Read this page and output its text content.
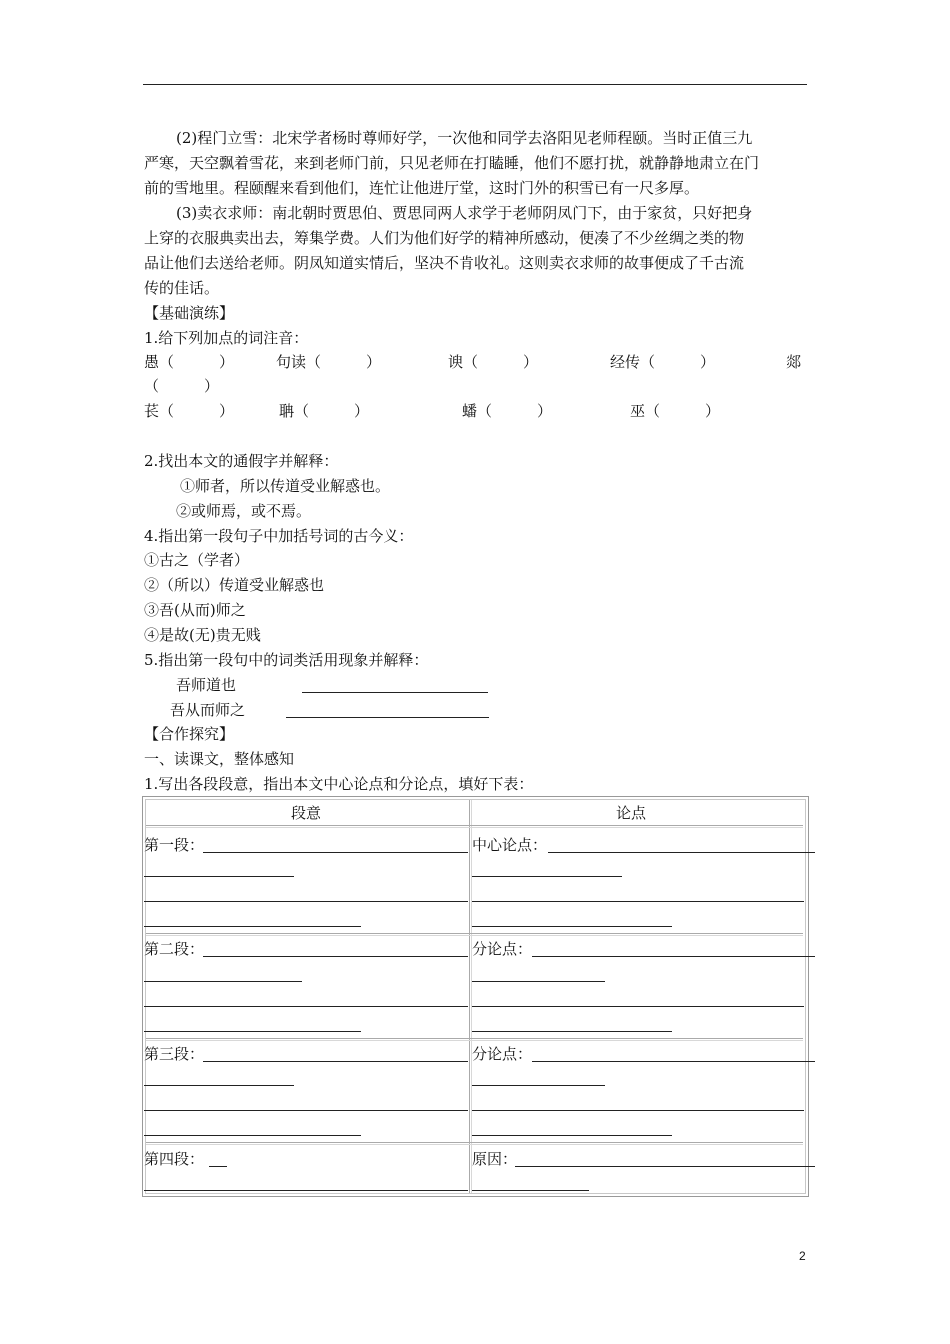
(2)程门立雪：北宋学者杨时尊师好学，一次他和同学去洛阳见老师程颐。当时正值三九
严寒，天空飘着雪花，来到老师门前，只见老师在打瞌睡，他们不愿打扰，就静静地肃立在门
前的雪地里。程颐醒来看到他们，连忙让他进厅堂，这时门外的积雪已有一尺多厚。
(3)卖衣求师：南北朝时贾思伯、贾思同两人求学于老师阴凤门下，由于家贫，只好把身
上穿的衣服典卖出去，筹集学费。人们为他们好学的精神所感动，便凑了不少丝绸之类的物
品让他们去送给老师。阴凤知道实情后，坚决不肯收礼。这则卖衣求师的故事便成了千古流
传的佳话。
【基础演练】
1.给下列加点的词注音：
愚（　　　）	句读（　　　）	谀（　　　）	经传（　　　）	郯
（　　　）
苌（　　　）	聃（　　　）	蟠（　　　）	巫（　　　）
2.找出本文的通假字并解释：
①师者，所以传道受业解惑也。
②或师焉，或不焉。
4.指出第一段句子中加括号词的古今义：
①古之（学者）
②（所以）传道受业解惑也
③吾(从而)师之
④是故(无)贵无贱
5.指出第一段句中的词类活用现象并解释：
吾师道也
吾从而师之
【合作探究】
一、读课文，整体感知
1.写出各段段意，指出本文中心论点和分论点，填好下表：
段意	论点
第一段：	中心论点：
第二段：	分论点：
第三段：	分论点：
第四段：	原因：
2
